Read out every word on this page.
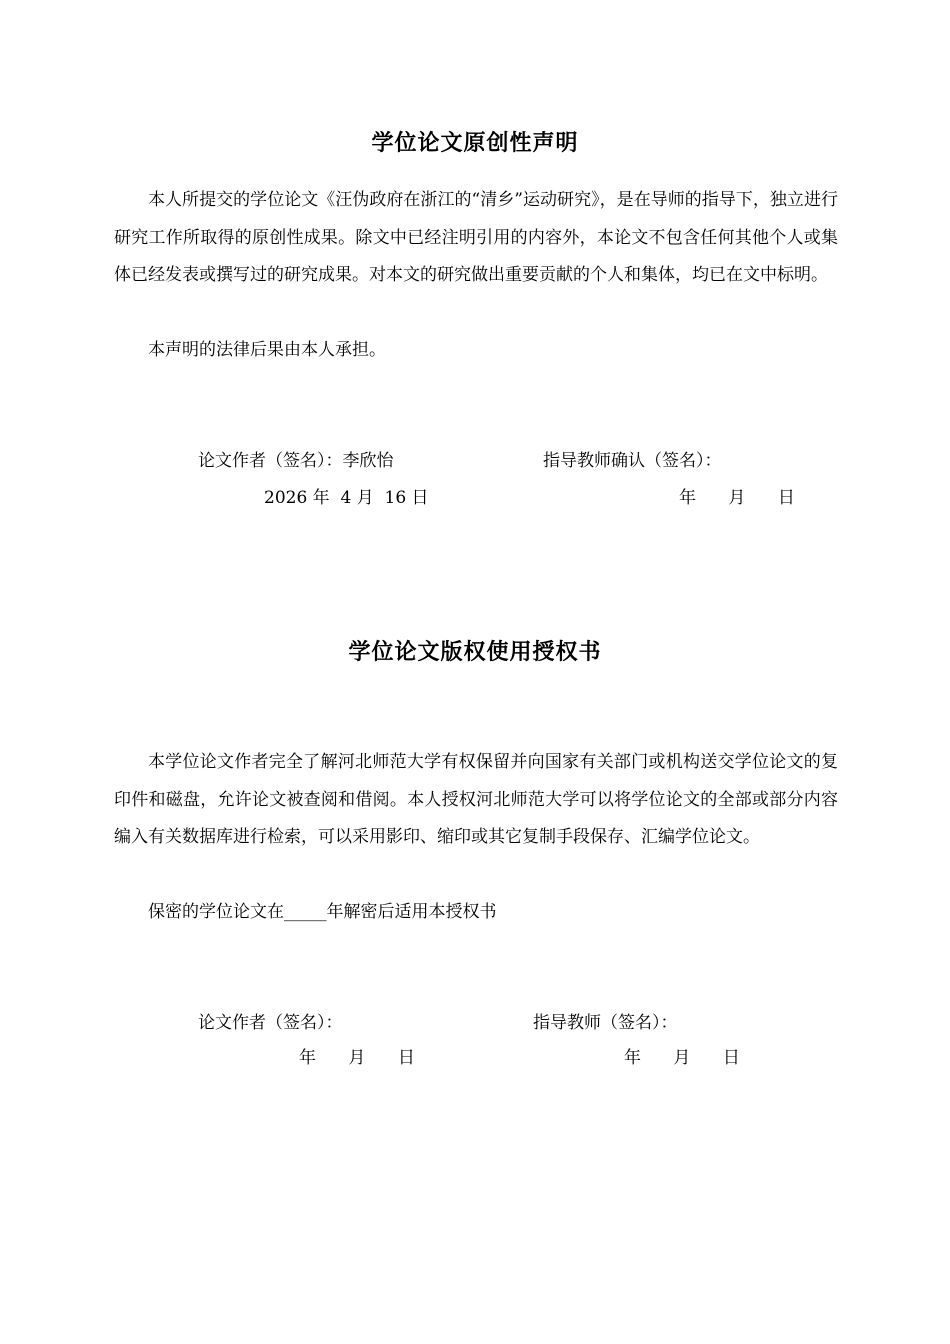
学位论文原创性声明

本人所提交的学位论文《汪伪政府在浙江的“清乡”运动研究》，是在导师的指导下，独立进行研究工作所取得的原创性成果。除文中已经注明引用的内容外，本论文不包含任何其他个人或集体已经发表或撰写过的研究成果。对本文的研究做出重要贡献的个人和集体，均已在文中标明。

本声明的法律后果由本人承担。

论文作者（签名）：李欣怡	指导教师确认（签名）：
2026 年  4 月  16 日	年      月      日
学位论文版权使用授权书

本学位论文作者完全了解河北师范大学有权保留并向国家有关部门或机构送交学位论文的复印件和磁盘，允许论文被查阅和借阅。本人授权河北师范大学可以将学位论文的全部或部分内容编入有关数据库进行检索，可以采用影印、缩印或其它复制手段保存、汇编学位论文。

保密的学位论文在_____年解密后适用本授权书

论文作者（签名）：	指导教师（签名）：
年      月      日	年      月      日
